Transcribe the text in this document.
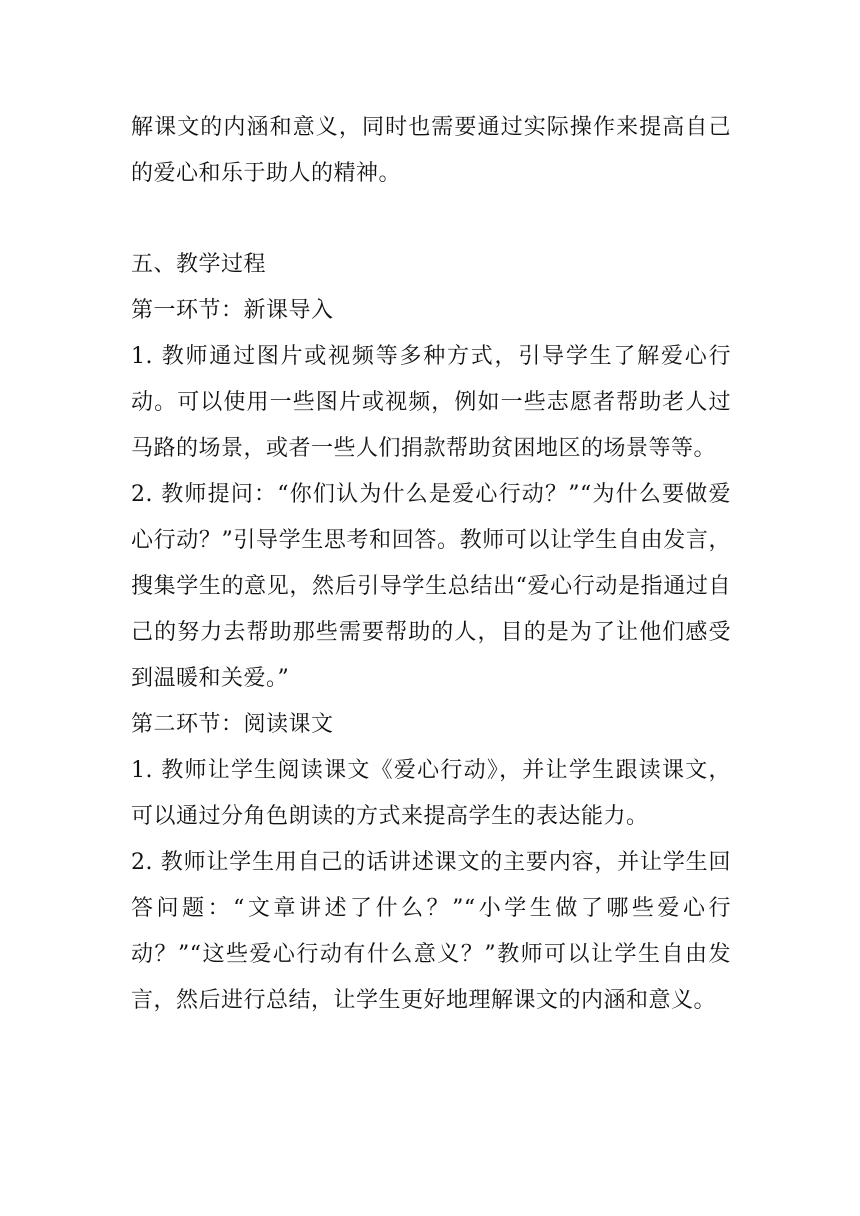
解课文的内涵和意义，同时也需要通过实际操作来提高自己的爱心和乐于助人的精神。

五、教学过程

第一环节：新课导入

1. 教师通过图片或视频等多种方式，引导学生了解爱心行动。可以使用一些图片或视频，例如一些志愿者帮助老人过马路的场景，或者一些人们捐款帮助贫困地区的场景等等。

2. 教师提问：“你们认为什么是爱心行动？”“为什么要做爱心行动？”引导学生思考和回答。教师可以让学生自由发言，搜集学生的意见，然后引导学生总结出“爱心行动是指通过自己的努力去帮助那些需要帮助的人，目的是为了让他们感受到温暖和关爱。”

第二环节：阅读课文

1. 教师让学生阅读课文《爱心行动》，并让学生跟读课文，可以通过分角色朗读的方式来提高学生的表达能力。

2. 教师让学生用自己的话讲述课文的主要内容，并让学生回答问题：“文章讲述了什么？”“小学生做了哪些爱心行动？”“这些爱心行动有什么意义？”教师可以让学生自由发言，然后进行总结，让学生更好地理解课文的内涵和意义。
